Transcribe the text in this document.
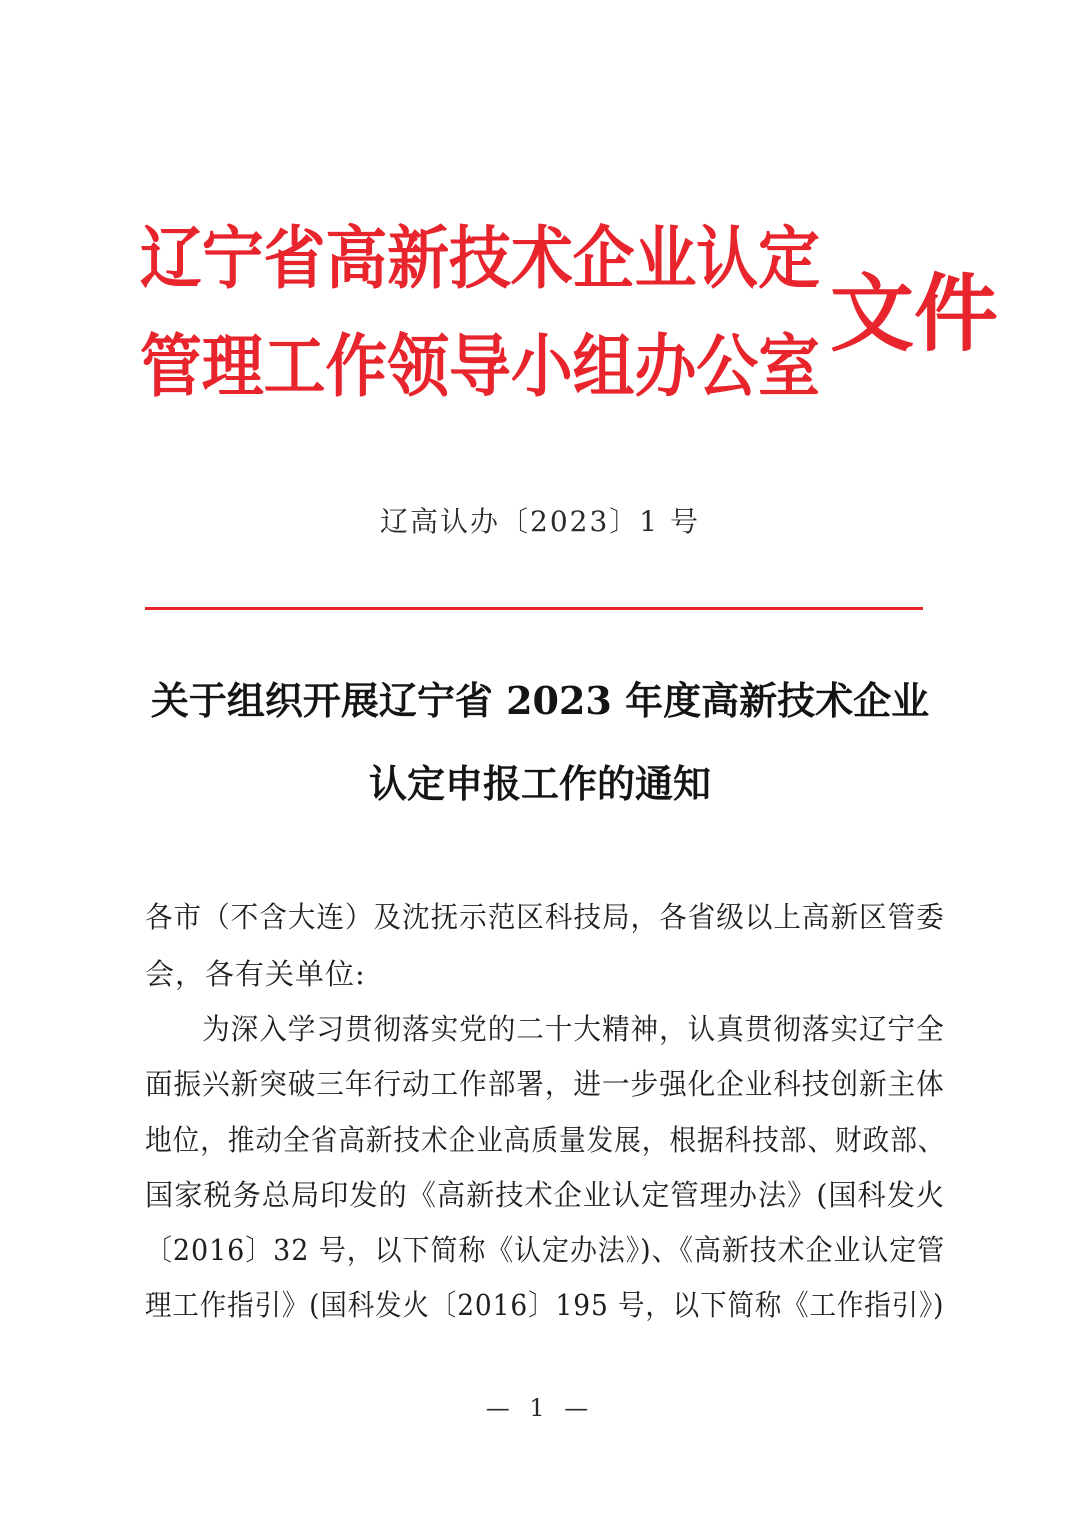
辽宁省高新技术企业认定
管理工作领导小组办公室
文件
辽高认办〔2023〕1 号
关于组织开展辽宁省 2023 年度高新技术企业
认定申报工作的通知
各市（不含大连）及沈抚示范区科技局，各省级以上高新区管委
会，各有关单位:
　　为深入学习贯彻落实党的二十大精神，认真贯彻落实辽宁全
面振兴新突破三年行动工作部署，进一步强化企业科技创新主体
地位，推动全省高新技术企业高质量发展，根据科技部、财政部、
国家税务总局印发的《高新技术企业认定管理办法》(国科发火
〔2016〕32 号，以下简称《认定办法》)、《高新技术企业认定管
理工作指引》(国科发火〔2016〕195 号，以下简称《工作指引》)
— 1 —
